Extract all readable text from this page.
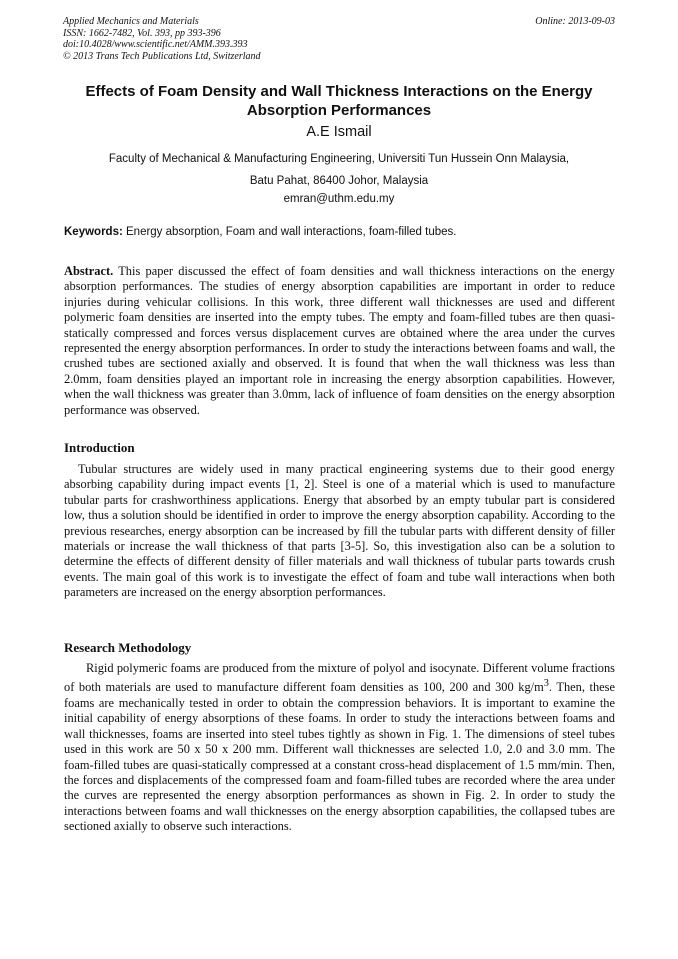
Applied Mechanics and Materials
ISSN: 1662-7482, Vol. 393, pp 393-396
doi:10.4028/www.scientific.net/AMM.393.393
© 2013 Trans Tech Publications Ltd, Switzerland
Online: 2013-09-03
Effects of Foam Density and Wall Thickness Interactions on the Energy Absorption Performances
A.E Ismail
Faculty of Mechanical & Manufacturing Engineering, Universiti Tun Hussein Onn Malaysia,
Batu Pahat, 86400 Johor, Malaysia
emran@uthm.edu.my
Keywords: Energy absorption, Foam and wall interactions, foam-filled tubes.

Abstract. This paper discussed the effect of foam densities and wall thickness interactions on the energy absorption performances. The studies of energy absorption capabilities are important in order to reduce injuries during vehicular collisions. In this work, three different wall thicknesses are used and different polymeric foam densities are inserted into the empty tubes. The empty and foam-filled tubes are then quasi-statically compressed and forces versus displacement curves are obtained where the area under the curves represented the energy absorption performances. In order to study the interactions between foams and wall, the crushed tubes are sectioned axially and observed. It is found that when the wall thickness was less than 2.0mm, foam densities played an important role in increasing the energy absorption capabilities. However, when the wall thickness was greater than 3.0mm, lack of influence of foam densities on the energy absorption performance was observed.

Introduction

Tubular structures are widely used in many practical engineering systems due to their good energy absorbing capability during impact events [1, 2]. Steel is one of a material which is used to manufacture tubular parts for crashworthiness applications. Energy that absorbed by an empty tubular part is considered low, thus a solution should be identified in order to improve the energy absorption capability. According to the previous researches, energy absorption can be increased by fill the tubular parts with different density of filler materials or increase the wall thickness of that parts [3-5]. So, this investigation also can be a solution to determine the effects of different density of filler materials and wall thickness of tubular parts towards crush events. The main goal of this work is to investigate the effect of foam and tube wall interactions when both parameters are increased on the energy absorption performances.

Research Methodology

Rigid polymeric foams are produced from the mixture of polyol and isocynate. Different volume fractions of both materials are used to manufacture different foam densities as 100, 200 and 300 $kg/m^3$. Then, these foams are mechanically tested in order to obtain the compression behaviors. It is important to examine the initial capability of energy absorptions of these foams. In order to study the interactions between foams and wall thicknesses, foams are inserted into steel tubes tightly as shown in Fig. 1. The dimensions of steel tubes used in this work are 50 x 50 x 200 mm. Different wall thicknesses are selected 1.0, 2.0 and 3.0 mm. The foam-filled tubes are quasi-statically compressed at a constant cross-head displacement of 1.5 mm/min. Then, the forces and displacements of the compressed foam and foam-filled tubes are recorded where the area under the curves are represented the energy absorption performances as shown in Fig. 2. In order to study the interactions between foams and wall thicknesses on the energy absorption capabilities, the collapsed tubes are sectioned axially to observe such interactions.
